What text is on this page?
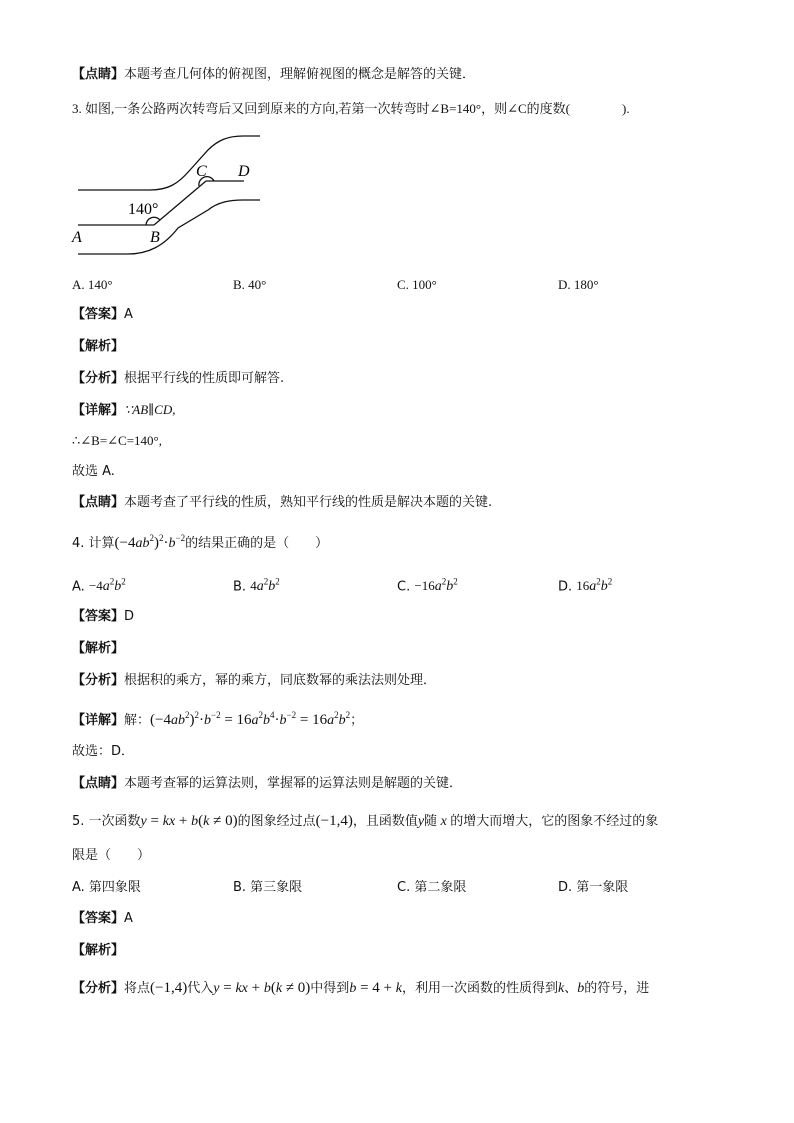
【点睛】本题考查几何体的俯视图，理解俯视图的概念是解答的关键．
3. 如图,一条公路两次转弯后又回到原来的方向,若第一次转弯时∠B=140°，则∠C的度数(　　　　).
140°
A	B
C D
A. 140°	B. 40°	C. 100°	D. 180°
【答案】A
【解析】
【分析】根据平行线的性质即可解答.
【详解】∵AB∥CD,
∴∠B=∠C=140°,
故选 A.
【点睛】本题考查了平行线的性质，熟知平行线的性质是解决本题的关键.
4. 计算$(-4ab^2)^2\cdot b^{-2}$的结果正确的是（　　）
A. $-4a^2b^2$	B. $4a^2b^2$	C. $-16a^2b^2$	D. $16a^2b^2$
【答案】D
【解析】
【分析】根据积的乘方，幂的乘方，同底数幂的乘法法则处理．
【详解】解：$(-4ab^2)^2\cdot b^{-2} = 16a^2b^4\cdot b^{-2} = 16a^2b^2$；
故选：D．
【点睛】本题考查幂的运算法则，掌握幂的运算法则是解题的关键．
5. 一次函数y = kx + b(k ≠ 0)的图象经过点(−1,4)，且函数值y随 x 的增大而增大，它的图象不经过的象
限是（　　）
A. 第四象限	B. 第三象限	C. 第二象限	D. 第一象限
【答案】A
【解析】
【分析】将点(−1,4)代入y = kx + b(k ≠ 0)中得到b = 4 + k，利用一次函数的性质得到k、b的符号，进
